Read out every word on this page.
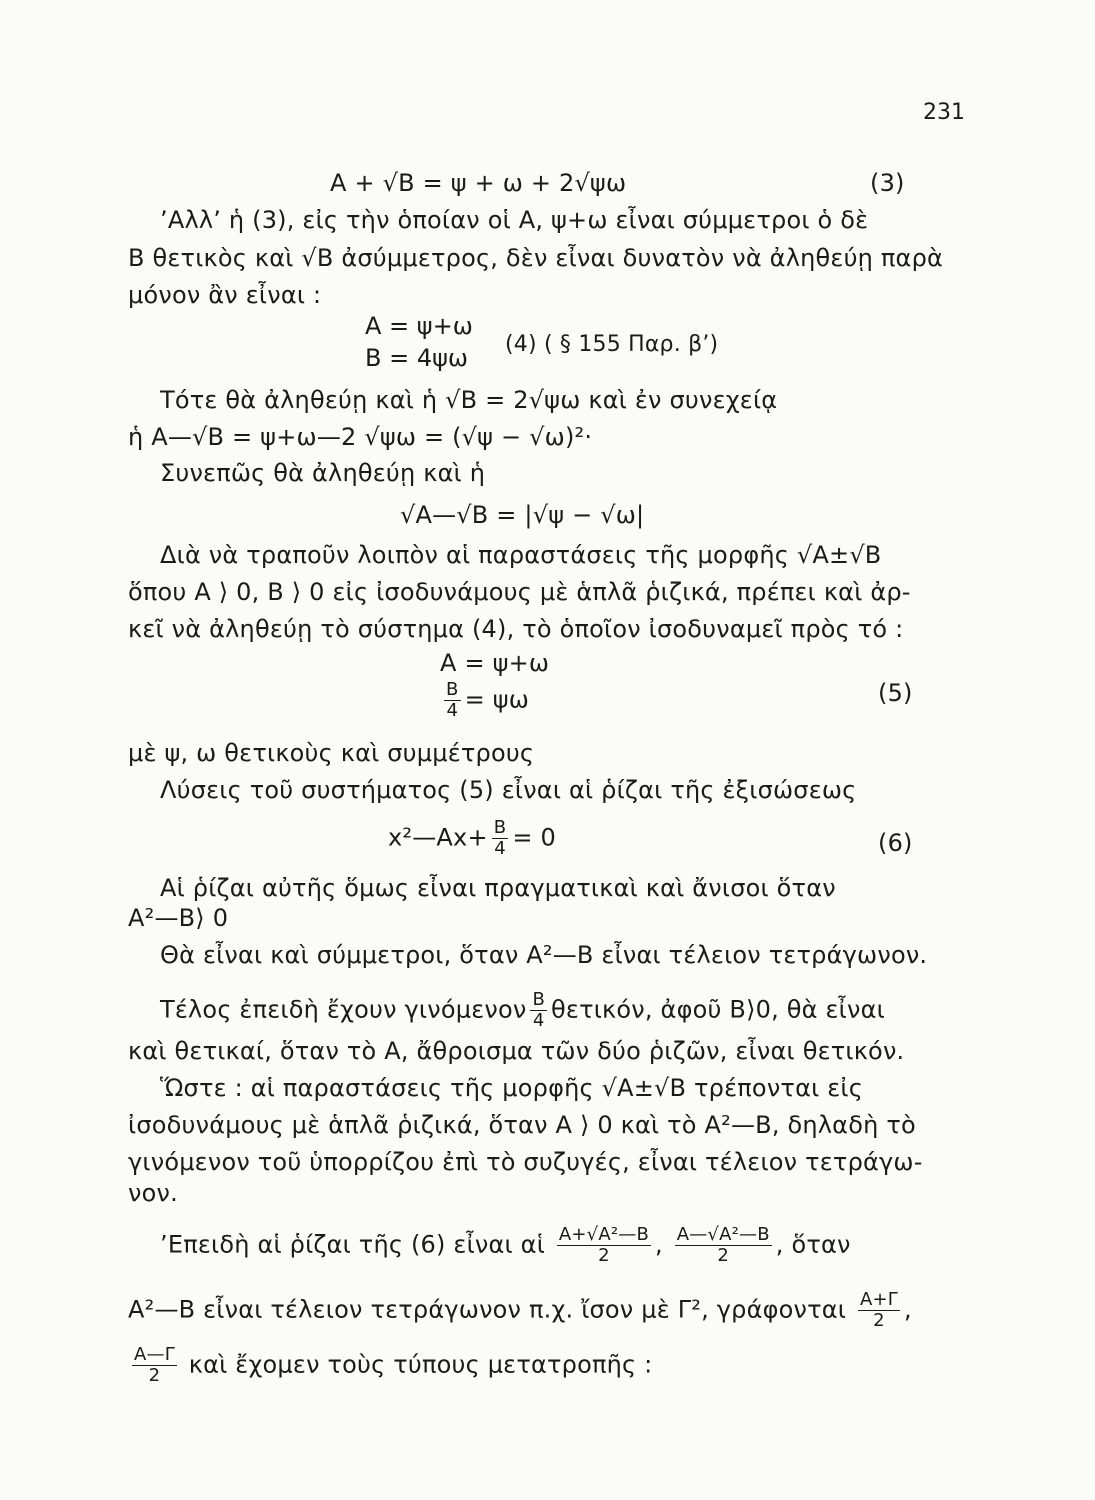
231
A + √B = ψ + ω + 2√ψω	(3)
’Αλλ’ ἡ (3), εἰς τὴν ὁποίαν οἱ Α, ψ+ω εἶναι σύμμετροι ὁ δὲ
Β θετικὸς καὶ √Β ἀσύμμετρος, δὲν εἶναι δυνατὸν νὰ ἀληθεύῃ παρὰ
μόνον ἂν εἶναι :
Α = ψ+ω
Β = 4ψω (4) ( § 155 Παρ. β’)
Τότε θὰ ἀληθεύῃ καὶ ἡ √Β = 2√ψω καὶ ἐν συνεχείᾳ
ἡ Α—√Β = ψ+ω—2 √ψω = (√ψ − √ω)²·
Συνεπῶς θὰ ἀληθεύῃ καὶ ἡ
√Α—√Β = |√ψ − √ω|
Διὰ νὰ τραποῦν λοιπὸν αἱ παραστάσεις τῆς μορφῆς √Α±√Β
ὅπου Α ⟩ 0, Β ⟩ 0 εἰς ἰσοδυνάμους μὲ ἁπλᾶ ῥιζικά, πρέπει καὶ ἀρ-
κεῖ νὰ ἀληθεύῃ τὸ σύστημα (4), τὸ ὁποῖον ἰσοδυναμεῖ πρὸς τό :
Α = ψ+ω
$\frac{B}{4} = \psi\omega$	(5)
μὲ ψ, ω θετικοὺς καὶ συμμέτρους
Λύσεις τοῦ συστήματος (5) εἶναι αἱ ῥίζαι τῆς ἐξισώσεως
x²—Αx+ $\frac{B}{4} = 0$	(6)
Αἱ ῥίζαι αὐτῆς ὅμως εἶναι πραγματικαὶ καὶ ἄνισοι ὅταν
Α²—Β⟩ 0
Θὰ εἶναι καὶ σύμμετροι, ὅταν Α²—Β εἶναι τέλειον τετράγωνον.
Τέλος ἐπειδὴ ἔχουν γινόμενον $\frac{B}{4} \theta\varepsilon\tau\iota\kappa ό\nu$, ἀφοῦ Β⟩0, θὰ εἶναι
καὶ θετικαί, ὅταν τὸ Α, ἄθροισμα τῶν δύο ῥιζῶν, εἶναι θετικόν.
Ὥστε : αἱ παραστάσεις τῆς μορφῆς √Α±√Β τρέπονται εἰς
ἰσοδυνάμους μὲ ἁπλᾶ ῥιζικά, ὅταν Α ⟩ 0 καὶ τὸ Α²—Β, δηλαδὴ τὸ
γινόμενον τοῦ ὑπορρίζου ἐπὶ τὸ συζυγές, εἶναι τέλειον τετράγω-
νον.
’Επειδὴ αἱ ῥίζαι τῆς (6) εἶναι αἱ $\frac{\text{Α+√Α²—Β}}{2}$ , $\frac{\text{Α—√Α²—Β}}{2}$ , ὅταν
Α²—Β εἶναι τέλειον τετράγωνον π.χ. ἴσον μὲ Γ², γράφονται $\frac{A+\Gamma}{2}$ ,
$\frac{A—\Gamma}{2}$ καὶ ἔχομεν τοὺς τύπους μετατροπῆς :
